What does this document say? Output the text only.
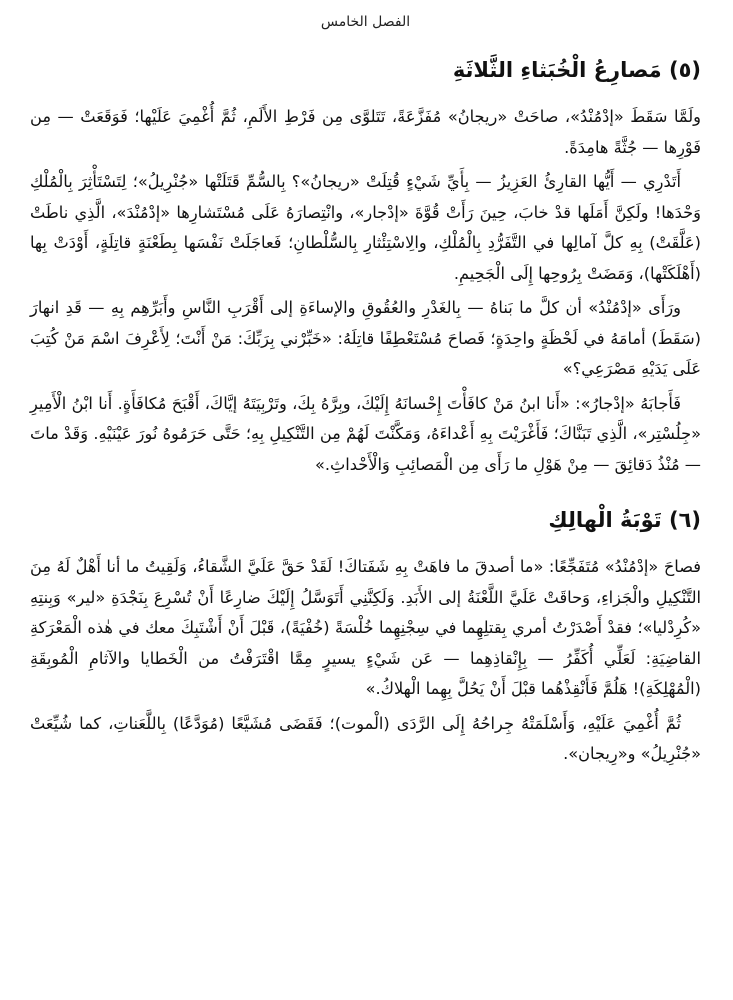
الفصل الخامس
(٥) مَصارِعُ الْخُبَثاءِ الثَّلاثَةِ

ولَمَّا سَقَطَ «إدْمُنْدُ»، صاحَتْ «ريجانُ» مُفَزَّعَةً، تَتَلوَّى مِن فَرْطِ الأَلَمِ، ثُمَّ أُغْمِيَ عَلَيْها؛ فَوَقَعَتْ — مِن فَوْرِها — جُثَّةً هامِدَةً.

أَتَدْرِي — أَيُّها القارِئُ العَزِيزُ — بِأَيِّ شَيْءٍ قُتِلَتْ «ريجانُ»؟ بِالسُّمِّ قَتَلَتْها «جُنْرِيلُ»؛ لِتَسْتَأْثِرَ بِالْمُلْكِ وَحْدَها! ولَكِنَّ أَمَلَها قدْ خابَ، حِينَ رَأَتْ قُوَّةَ «إدْجار»، وانْتِصارَهُ عَلَى مُسْتَشارِها «إدْمُنْدَ»، الَّذِي ناطَتْ (عَلَّقَتْ) بِهِ كلَّ آمالِها في التَّفَرُّدِ بِالْمُلْكِ، والِاسْتِئْثارِ بِالسُّلْطانِ؛ فَعاجَلَتْ نَفْسَها بِطَعْنَةٍ قاتِلَةٍ، أَوْدَتْ بِها (أَهْلَكَتْها)، وَمَضَتْ بِرُوحِها إِلَى الْجَحِيمِ.

ورَأَى «إدْمُنْدُ» أن كلَّ ما بَناهُ — بِالغَدْرِ والعُقُوقِ والإساءَةِ إلى أَقْرَبِ النَّاسِ وأَبَرِّهِم بِهِ — قَدِ انهارَ (سَقَطَ) أمامَهُ في لَحْظَةٍ واحِدَةٍ؛ فَصاحَ مُسْتَعْطِفًا قاتِلَهُ: «خَبِّرْني بِرَبِّكَ: مَنْ أَنْتَ؛ لِأَعْرِفَ اسْمَ مَنْ كُتِبَ عَلَى يَدَيْهِ مَصْرَعِي؟»

فَأَجابَهُ «إدْجارُ»: «أَنا ابنُ مَنْ كافَأْتَ إِحْسانَهُ إِلَيْكَ، وبِرَّهُ بِكَ، وتَرْبِيَتَهُ إيَّاكَ، أَقْبَحَ مُكافَأَةٍ. أَنا ابْنُ الْأَمِيرِ «جِلُسْتِر»، الَّذِي تَبَنَّاكَ؛ فَأَغْرَيْتَ بِهِ أَعْداءَهُ، وَمَكَّنْتَ لَهُمْ مِن التَّنْكِيلِ بِهِ؛ حَتَّى حَرَمُوهُ نُورَ عَيْنَيْهِ. وَقَدْ ماتَ — مُنْذُ دَقائِقَ — مِنْ هَوْلِ ما رَأَى مِن الْمَصائِبِ وَالْأَحْداثِ.»

(٦) تَوْبَةُ الْهالِكِ

فصاحَ «إدْمُنْدُ» مُتَفَجِّعًا: «ما أصدقَ ما فاهَتْ بِهِ شَفَتاكَ! لَقَدْ حَقَّ عَلَيَّ الشَّقاءُ، وَلَقِيتُ ما أنا أَهْلٌ لَهُ مِنَ التَّنْكِيلِ والْجَزاءِ، وَحاقَتْ عَلَيَّ اللَّعْنَةُ إلى الأَبَدِ. وَلَكِنَّنِي أَتَوَسَّلُ إِلَيْكَ ضارِعًا أَنْ تُسْرِعَ بِنَجْدَةِ «لير» وَبِنتِهِ «كُرِدْليا»؛ فقدْ أَصْدَرْتُ أمري بِقتلِهِما في سِجْنِهِما خُلْسَةً (خُفْيَةً)، قَبْلَ أَنْ أَشْتَبِكَ معك في هٰذه الْمَعْرَكةِ القاضِيَةِ: لَعَلِّي أُكَفِّرُ — بِإِنْقاذِهِما — عَن شَيْءٍ يسيرٍ مِمَّا اقْتَرَفْتُ من الْخَطايا والآثامِ الْمُوبِقَةِ (الْمُهْلِكَةِ)! هَلُمَّ فَأَنْقِذْهُما قبْلَ أَنْ يَحُلَّ بِهِما الْهلاكُ.»

ثُمَّ أُغْمِيَ عَلَيْهِ، وَأَسْلَمَتْهُ جِراحُهُ إِلَى الرَّدَى (الْموت)؛ فَقَضَى مُشَيَّعًا (مُوَدَّعًا) بِاللَّعَناتِ، كما شُيِّعَتْ «جُنْرِيلُ» و«رِيجان».
